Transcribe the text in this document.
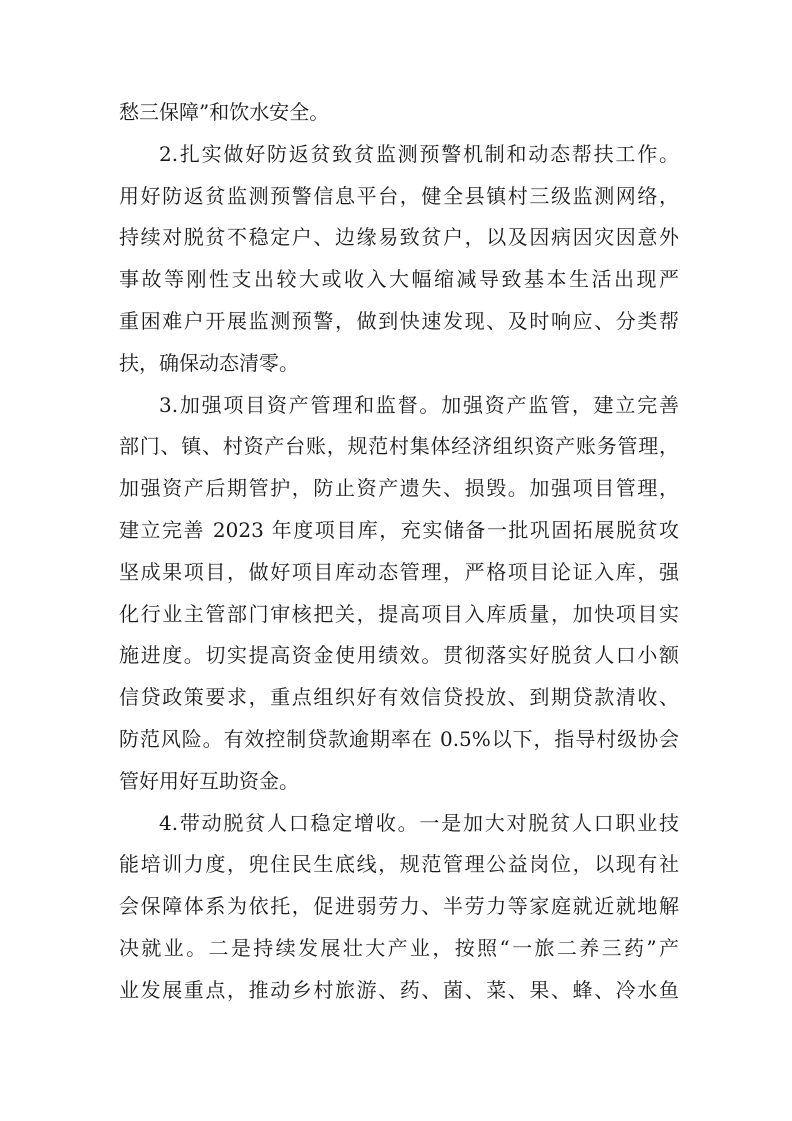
愁三保障”和饮水安全。
2.扎实做好防返贫致贫监测预警机制和动态帮扶工作。
用好防返贫监测预警信息平台，健全县镇村三级监测网络，
持续对脱贫不稳定户、边缘易致贫户，以及因病因灾因意外
事故等刚性支出较大或收入大幅缩减导致基本生活出现严
重困难户开展监测预警，做到快速发现、及时响应、分类帮
扶，确保动态清零。
3.加强项目资产管理和监督。加强资产监管，建立完善
部门、镇、村资产台账，规范村集体经济组织资产账务管理，
加强资产后期管护，防止资产遗失、损毁。加强项目管理，
建立完善 2023 年度项目库，充实储备一批巩固拓展脱贫攻
坚成果项目，做好项目库动态管理，严格项目论证入库，强
化行业主管部门审核把关，提高项目入库质量，加快项目实
施进度。切实提高资金使用绩效。贯彻落实好脱贫人口小额
信贷政策要求，重点组织好有效信贷投放、到期贷款清收、
防范风险。有效控制贷款逾期率在 0.5%以下，指导村级协会
管好用好互助资金。
4.带动脱贫人口稳定增收。一是加大对脱贫人口职业技
能培训力度，兜住民生底线，规范管理公益岗位，以现有社
会保障体系为依托，促进弱劳力、半劳力等家庭就近就地解
决就业。二是持续发展壮大产业，按照“一旅二养三药”产
业发展重点，推动乡村旅游、药、菌、菜、果、蜂、冷水鱼
